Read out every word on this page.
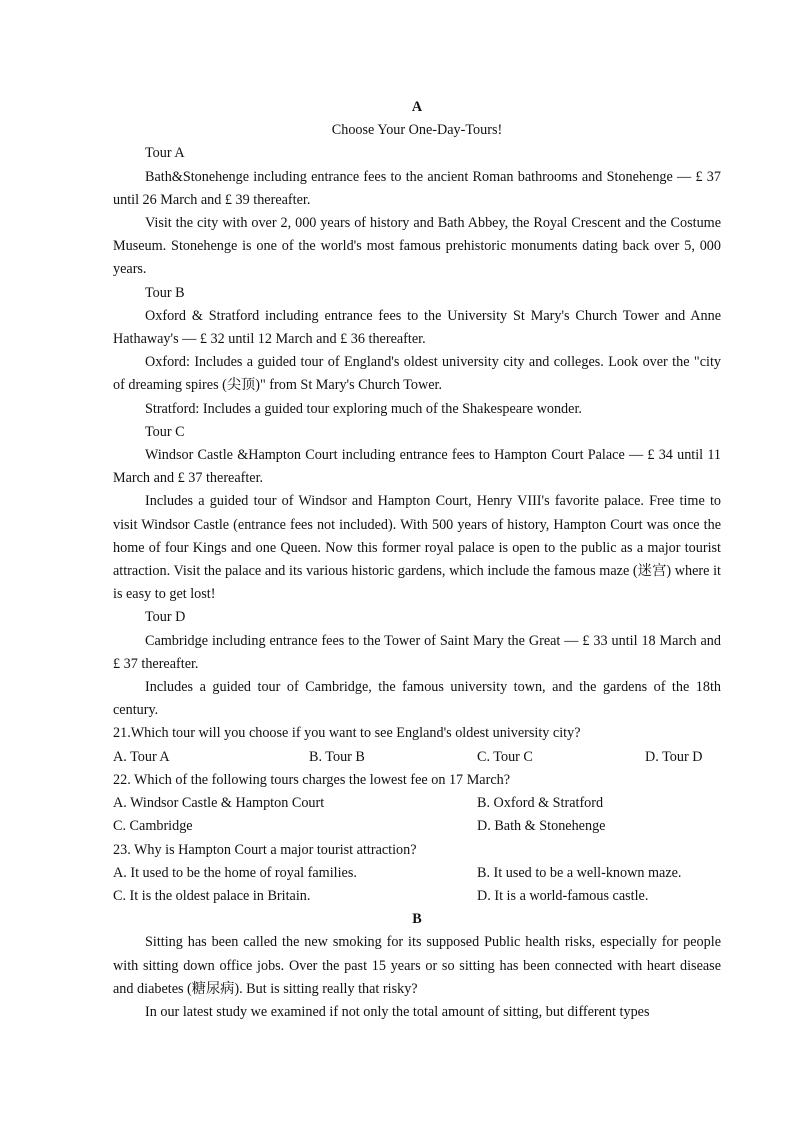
A
Choose Your One-Day-Tours!
Tour A

Bath&Stonehenge including entrance fees to the ancient Roman bathrooms and Stonehenge — £ 37 until 26 March and £ 39 thereafter.

Visit the city with over 2, 000 years of history and Bath Abbey, the Royal Crescent and the Costume Museum. Stonehenge is one of the world's most famous prehistoric monuments dating back over 5, 000 years.

Tour B

Oxford & Stratford including entrance fees to the University St Mary's Church Tower and Anne Hathaway's — £ 32 until 12 March and £ 36 thereafter.

Oxford: Includes a guided tour of England's oldest university city and colleges. Look over the "city of dreaming spires (尖顶)" from St Mary's Church Tower.

Stratford: Includes a guided tour exploring much of the Shakespeare wonder.

Tour C

Windsor Castle &Hampton Court including entrance fees to Hampton Court Palace — £ 34 until 11 March and £ 37 thereafter.

Includes a guided tour of Windsor and Hampton Court, Henry VIII's favorite palace. Free time to visit Windsor Castle (entrance fees not included). With 500 years of history, Hampton Court was once the home of four Kings and one Queen. Now this former royal palace is open to the public as a major tourist attraction. Visit the palace and its various historic gardens, which include the famous maze (迷宫) where it is easy to get lost!

Tour D

Cambridge including entrance fees to the Tower of Saint Mary the Great — £ 33 until 18 March and £ 37 thereafter.

Includes a guided tour of Cambridge, the famous university town, and the gardens of the 18th century.

21.Which tour will you choose if you want to see England's oldest university city?
A. Tour A	B. Tour B	C. Tour C	D. Tour D
22. Which of the following tours charges the lowest fee on 17 March?
A. Windsor Castle & Hampton Court	B. Oxford & Stratford
C. Cambridge	D. Bath & Stonehenge
23. Why is Hampton Court a major tourist attraction?
A. It used to be the home of royal families.	B. It used to be a well-known maze.
C. It is the oldest palace in Britain.	D. It is a world-famous castle.
B

Sitting has been called the new smoking for its supposed Public health risks, especially for people with sitting down office jobs. Over the past 15 years or so sitting has been connected with heart disease and diabetes (糖尿病). But is sitting really that risky?

In our latest study we examined if not only the total amount of sitting, but different types
